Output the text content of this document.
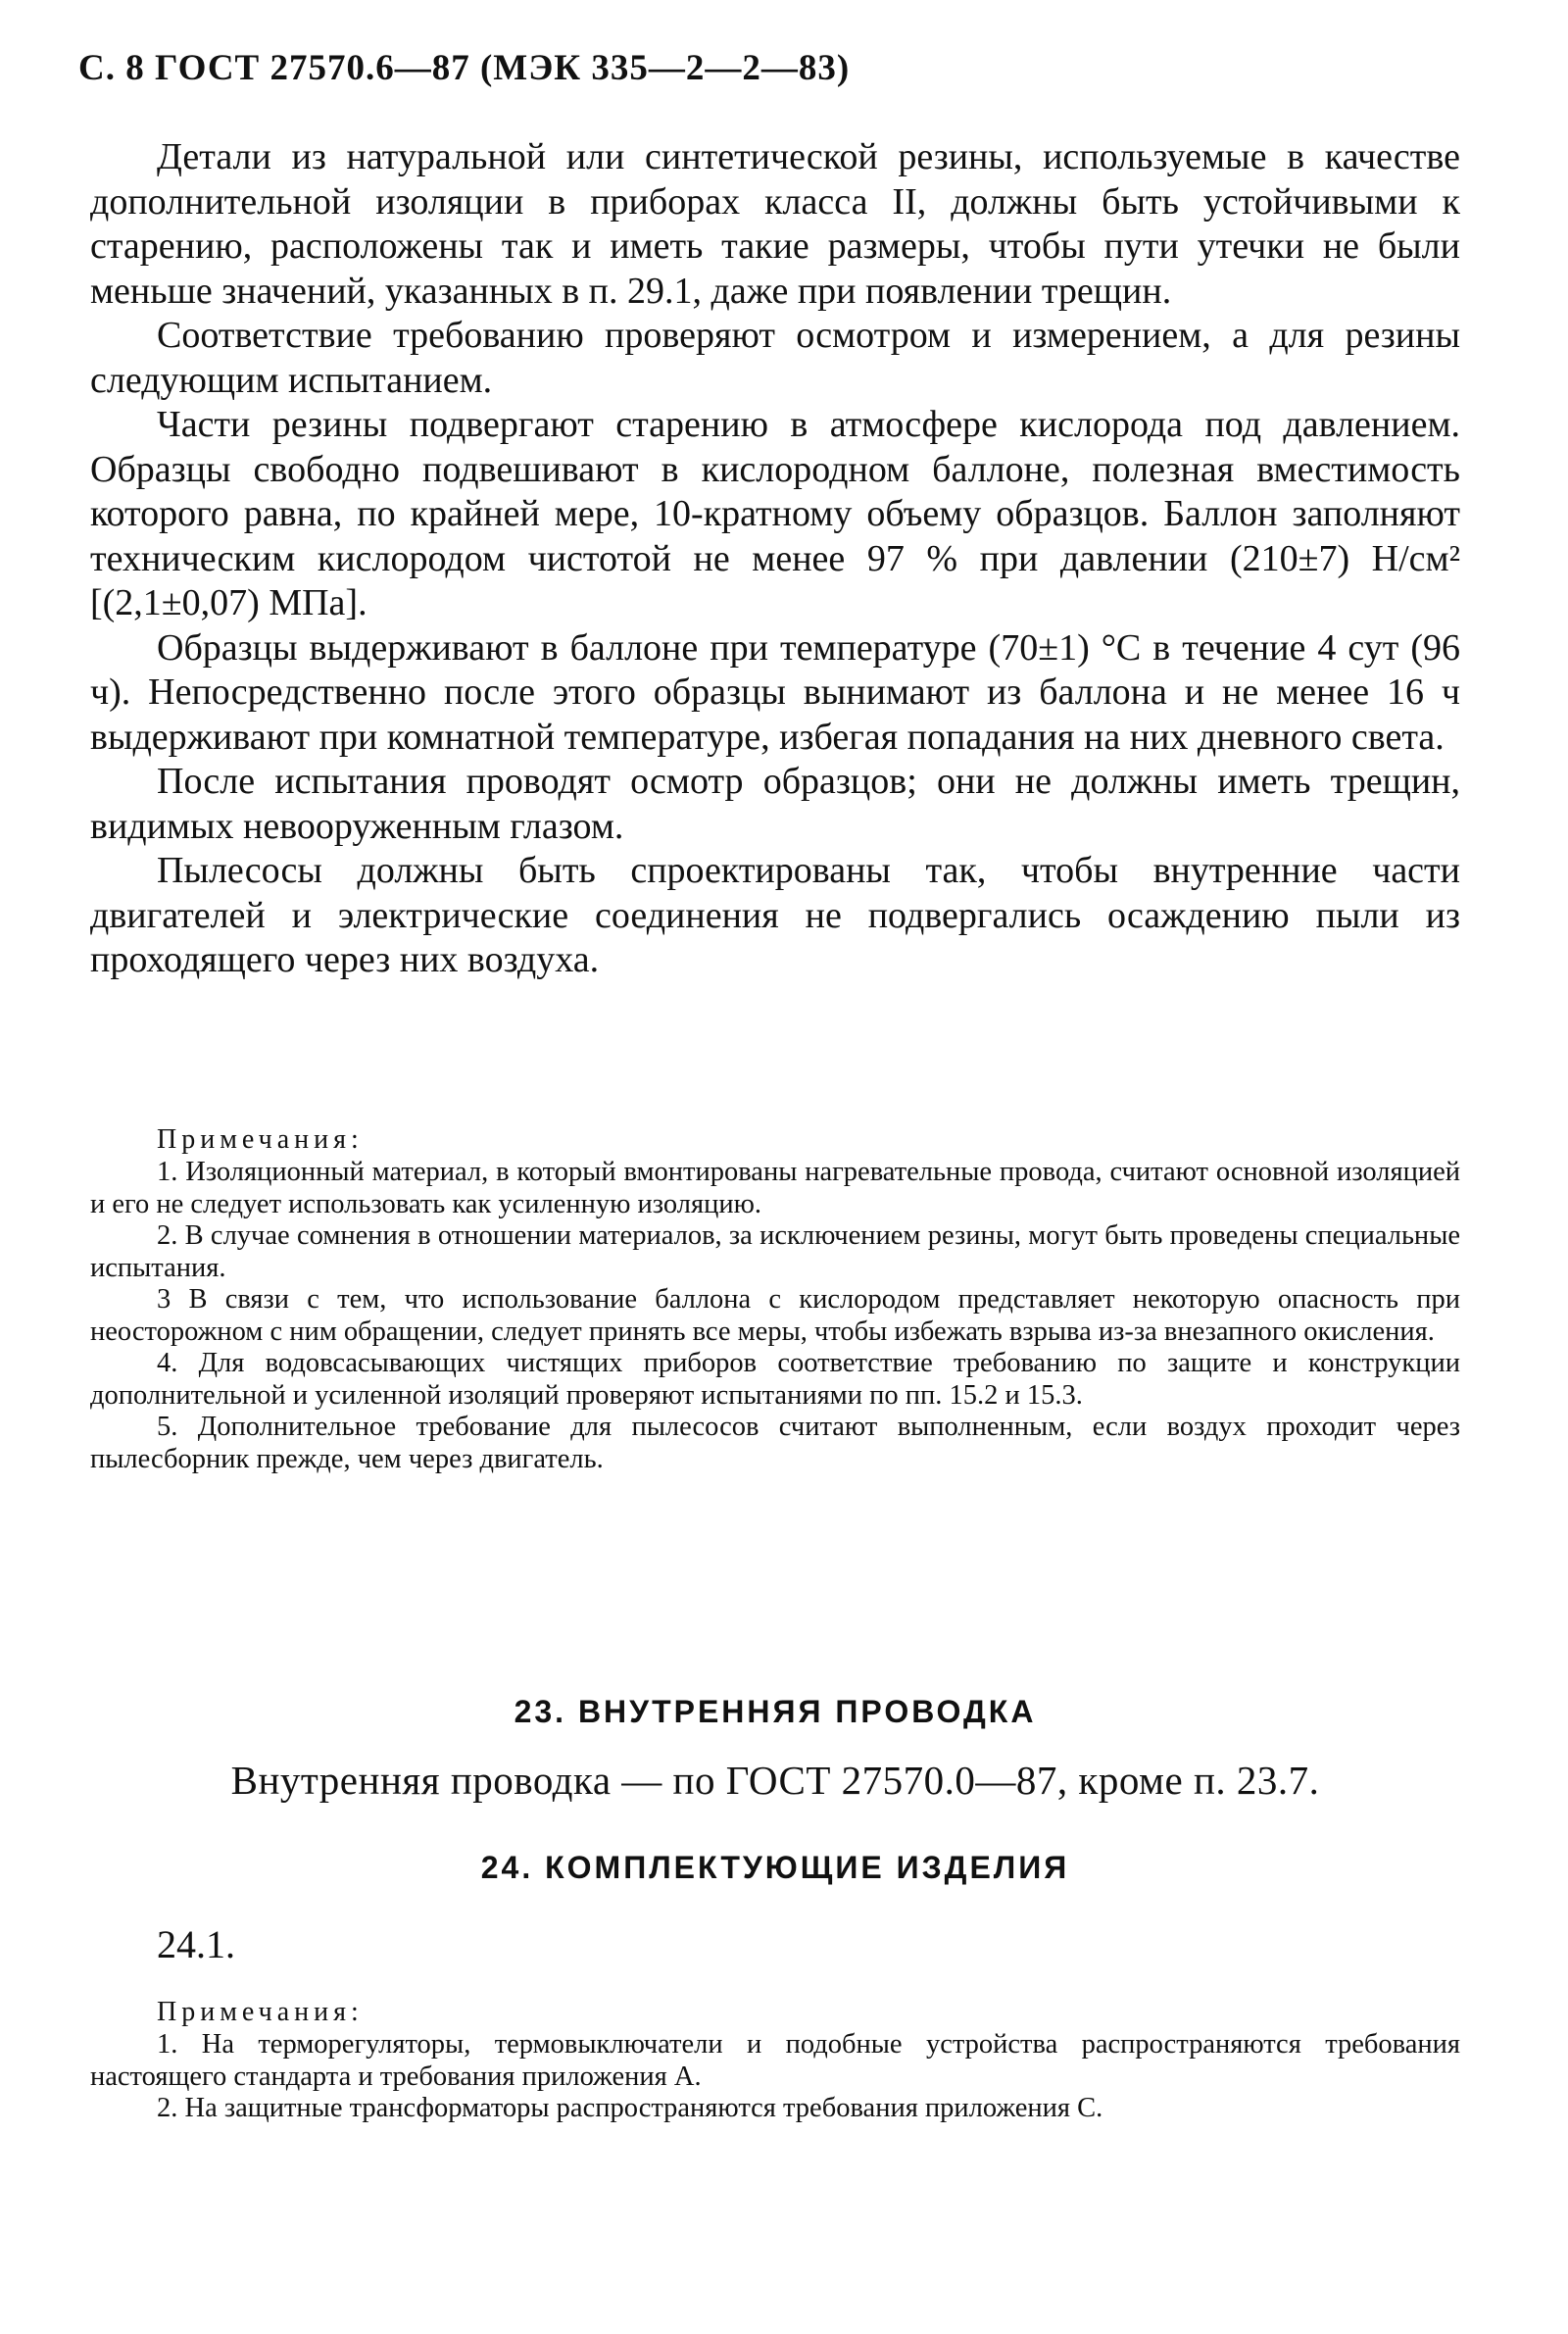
С. 8 ГОСТ 27570.6—87 (МЭК 335—2—2—83)

Детали из натуральной или синтетической резины, используемые в качестве дополнительной изоляции в приборах класса II, должны быть устойчивыми к старению, расположены так и иметь такие размеры, чтобы пути утечки не были меньше значений, указанных в п. 29.1, даже при появлении трещин.

Соответствие требованию проверяют осмотром и измерением, а для резины следующим испытанием.

Части резины подвергают старению в атмосфере кислорода под давлением. Образцы свободно подвешивают в кислородном баллоне, полезная вместимость которого равна, по крайней мере, 10-кратному объему образцов. Баллон заполняют техническим кислородом чистотой не менее 97 % при давлении (210±7) Н/см² [(2,1±0,07) МПа].

Образцы выдерживают в баллоне при температуре (70±1) °С в течение 4 сут (96 ч). Непосредственно после этого образцы вынимают из баллона и не менее 16 ч выдерживают при комнатной температуре, избегая попадания на них дневного света.

После испытания проводят осмотр образцов; они не должны иметь трещин, видимых невооруженным глазом.

Пылесосы должны быть спроектированы так, чтобы внутренние части двигателей и электрические соединения не подвергались осаждению пыли из проходящего через них воздуха.

Примечания:

1. Изоляционный материал, в который вмонтированы нагревательные провода, считают основной изоляцией и его не следует использовать как усиленную изоляцию.

2. В случае сомнения в отношении материалов, за исключением резины, могут быть проведены специальные испытания.

3 В связи с тем, что использование баллона с кислородом представляет некоторую опасность при неосторожном с ним обращении, следует принять все меры, чтобы избежать взрыва из-за внезапного окисления.

4. Для водовсасывающих чистящих приборов соответствие требованию по защите и конструкции дополнительной и усиленной изоляций проверяют испытаниями по пп. 15.2 и 15.3.

5. Дополнительное требование для пылесосов считают выполненным, если воздух проходит через пылесборник прежде, чем через двигатель.

23. ВНУТРЕННЯЯ ПРОВОДКА

Внутренняя проводка — по ГОСТ 27570.0—87, кроме п. 23.7.

24. КОМПЛЕКТУЮЩИЕ ИЗДЕЛИЯ

24.1.

Примечания:

1. На терморегуляторы, термовыключатели и подобные устройства распространяются требования настоящего стандарта и требования приложения А.

2. На защитные трансформаторы распространяются требования приложения С.
